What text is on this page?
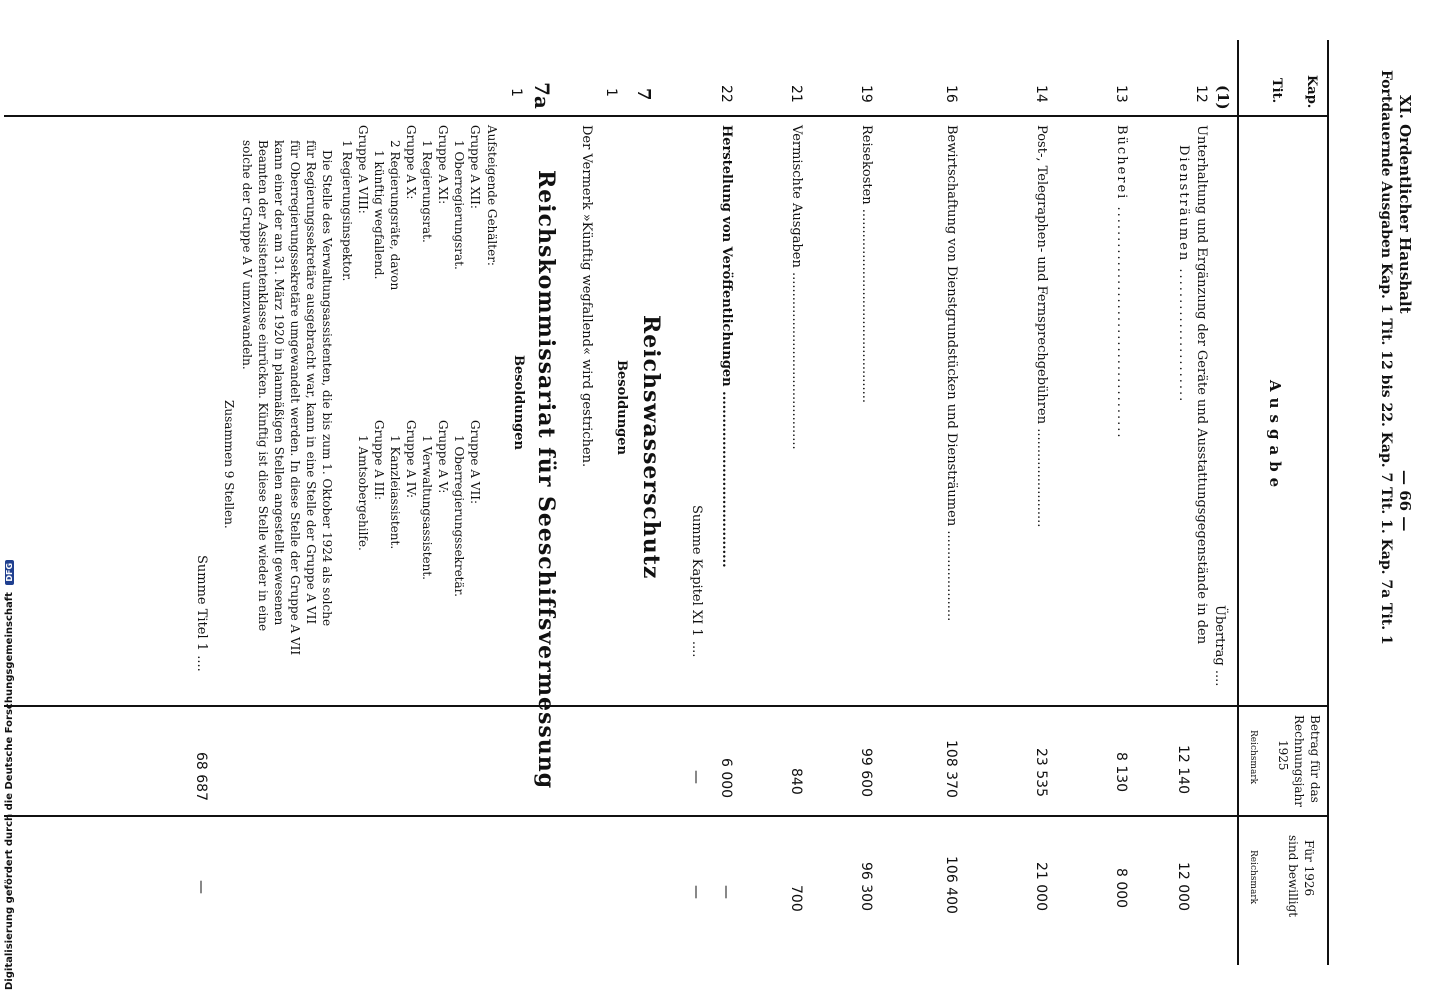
XI. Ordentlicher Haushalt
— 66 —
Fortdauernde Ausgaben Kap. 1 Tit. 12 bis 22. Kap. 7 Tit. 1. Kap. 7a Tit. 1
Kap.
Tit.
Ausgabe
Betrag für das
Rechnungsjahr
1925
Reichsmark
Für 1926
sind bewilligt
Reichsmark
(1)
Übertrag ....
12
Unterhaltung und Ergänzung der Geräte und Ausstattungsgegenstände in den
Diensträumen ......................
12 140
12 000
13
Bücherei ......................................
8 130
8 000
14
Post-, Telegraphen- und Fernsprechgebühren ........................
23 535
21 000
16
Bewirtschaftung von Dienstgrundstücken und Diensträumen ......................
108 370
106 400
19
Reisekosten ...............................................
99 600
96 300
21
Vermischte Ausgaben ...........................................
840
700
22
Herstellung von Veröffentlichungen .......................................
6 000
—
Summe Kapitel XI 1 ....
—
—
7
Reichswasserschutz
Besoldungen
1
Der Vermerk »Künftig wegfallend« wird gestrichen.
7a
Reichskommissariat für Seeschiffsvermessung
Besoldungen
1
Aufsteigende Gehälter:
Gruppe A XII:
1 Oberregierungsrat.
Gruppe A XI:
1 Regierungsrat.
Gruppe A X:
2 Regierungsräte, davon
1 künftig wegfallend.
Gruppe A VIII:
1 Regierungsinspektor.
Gruppe A VII:
1 Oberregierungssekretär.
Gruppe A V:
1 Verwaltungsassistent.
Gruppe A IV:
1 Kanzleiassistent.
Gruppe A III:
1 Amtsobergehilfe.
Die Stelle des Verwaltungsassistenten, die bis zum 1. Oktober 1924 als solche
für Regierungssekretäre ausgebracht war, kann in eine Stelle der Gruppe A VII
für Oberregierungssekretäre umgewandelt werden. In diese Stelle der Gruppe A VII
kann einer der am 31. März 1920 in planmäßigen Stellen angestellt gewesenen
Beamten der Assistentenklasse einrücken. Künftig ist diese Stelle wieder in eine
solche der Gruppe A V umzuwandeln.
Zusammen 9 Stellen.
Summe Titel 1 ....
68 687
—
Digitalisierung gefördert durch die Deutsche Forschungsgemeinschaft DFG
